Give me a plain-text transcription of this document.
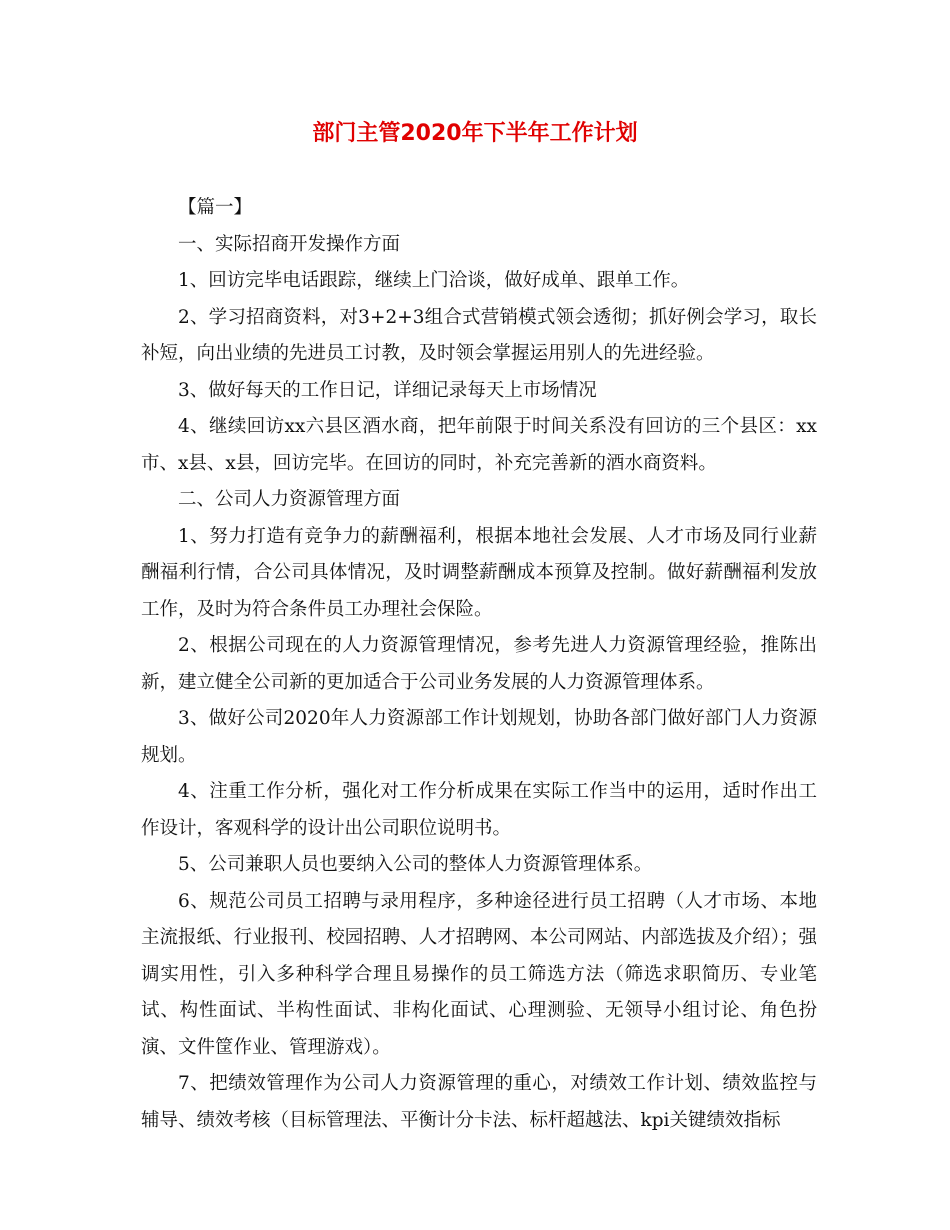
部门主管2020年下半年工作计划

【篇一】

一、实际招商开发操作方面

1、回访完毕电话跟踪，继续上门洽谈，做好成单、跟单工作。

2、学习招商资料，对3+2+3组合式营销模式领会透彻；抓好例会学习，取长补短，向出业绩的先进员工讨教，及时领会掌握运用别人的先进经验。

3、做好每天的工作日记，详细记录每天上市场情况

4、继续回访xx六县区酒水商，把年前限于时间关系没有回访的三个县区：xx市、x县、x县，回访完毕。在回访的同时，补充完善新的酒水商资料。

二、公司人力资源管理方面

1、努力打造有竞争力的薪酬福利，根据本地社会发展、人才市场及同行业薪酬福利行情，合公司具体情况，及时调整薪酬成本预算及控制。做好薪酬福利发放工作，及时为符合条件员工办理社会保险。

2、根据公司现在的人力资源管理情况，参考先进人力资源管理经验，推陈出新，建立健全公司新的更加适合于公司业务发展的人力资源管理体系。

3、做好公司2020年人力资源部工作计划规划，协助各部门做好部门人力资源规划。

4、注重工作分析，强化对工作分析成果在实际工作当中的运用，适时作出工作设计，客观科学的设计出公司职位说明书。

5、公司兼职人员也要纳入公司的整体人力资源管理体系。

6、规范公司员工招聘与录用程序，多种途径进行员工招聘（人才市场、本地主流报纸、行业报刊、校园招聘、人才招聘网、本公司网站、内部选拔及介绍）；强调实用性，引入多种科学合理且易操作的员工筛选方法（筛选求职简历、专业笔试、构性面试、半构性面试、非构化面试、心理测验、无领导小组讨论、角色扮演、文件筐作业、管理游戏）。

7、把绩效管理作为公司人力资源管理的重心，对绩效工作计划、绩效监控与辅导、绩效考核（目标管理法、平衡计分卡法、标杆超越法、kpi关键绩效指标
